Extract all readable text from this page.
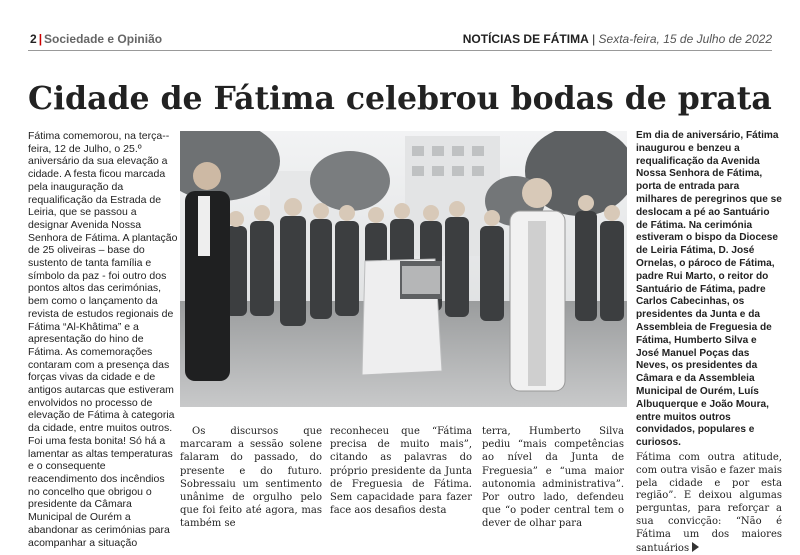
2 | Sociedade e Opinião	NOTÍCIAS DE FÁTIMA | Sexta-feira, 15 de Julho de 2022
Cidade de Fátima celebrou bodas de prata
Fátima comemorou, na terça--feira, 12 de Julho, o 25.º aniversário da sua elevação a cidade. A festa ficou marcada pela inauguração da requalificação da Estrada de Leiria, que se passou a designar Avenida Nossa Senhora de Fátima. A plantação de 25 oliveiras – base do sustento de tanta família e símbolo da paz - foi outro dos pontos altos das cerimónias, bem como o lançamento da revista de estudos regionais de Fátima “Al-Khâtima” e a apresentação do hino de Fátima. As comemorações contaram com a presença das forças vivas da cidade e de antigos autarcas que estiveram envolvidos no processo de elevação de Fátima à categoria da cidade, entre muitos outros. Foi uma festa bonita! Só há a lamentar as altas temperaturas e o consequente reacendimento dos incêndios no concelho que obrigou o presidente da Câmara Municipal de Ourém a abandonar as cerimónias para acompanhar a situação
Em dia de aniversário, Fátima inaugurou e benzeu a requalificação da Avenida Nossa Senhora de Fátima, porta de entrada para milhares de peregrinos que se deslocam a pé ao Santuário de Fátima. Na cerimónia estiveram o bispo da Diocese de Leiria Fátima, D. José Ornelas, o pároco de Fátima, padre Rui Marto, o reitor do Santuário de Fátima, padre Carlos Cabecinhas, os presidentes da Junta e da Assembleia de Freguesia de Fátima, Humberto Silva e José Manuel Poças das Neves, os presidentes da Câmara e da Assembleia Municipal de Ourém, Luís Albuquerque e João Moura, entre muitos outros convidados, populares e curiosos.
Os discursos que marcaram a sessão solene falaram do passado, do presente e do futuro. Sobressaiu um sentimento unânime de orgulho pelo que foi feito até agora, mas também se
reconheceu que “Fátima precisa de muito mais”, citando as palavras do próprio presidente da Junta de Freguesia de Fátima. Sem capacidade para fazer face aos desafios desta
terra, Humberto Silva pediu “mais competências ao nível da Junta de Freguesia” e “uma maior autonomia administrativa”. Por outro lado, defendeu que “o poder central tem o dever de olhar para
Fátima com outra atitude, com outra visão e fazer mais pela cidade e por esta região”. E deixou algumas perguntas, para reforçar a sua convicção: “Não é Fátima um dos maiores santuários
